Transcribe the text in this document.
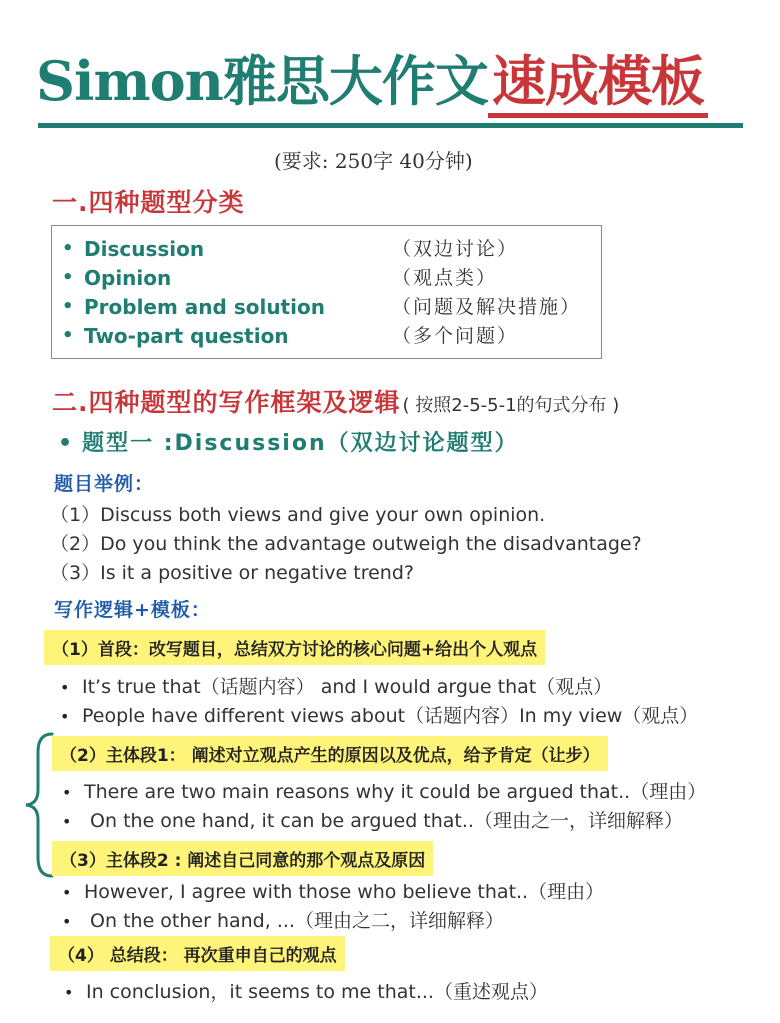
Simon雅思大作文速成模板
(要求: 250字 40分钟)
一.四种题型分类
• Discussion	（双边讨论）
• Opinion	（观点类）
• Problem and solution	（问题及解决措施）
• Two-part question	（多个问题）
二.四种题型的写作框架及逻辑 ( 按照2-5-5-1的句式分布 )
• 题型一 :Discussion（双边讨论题型）
题目举例：
（1）Discuss both views and give your own opinion.
（2）Do you think the advantage outweigh the disadvantage?
（3）Is it a positive or negative trend?
写作逻辑+模板：
（1）首段：改写题目，总结双方讨论的核心问题+给出个人观点
• It’s true that（话题内容） and I would argue that（观点）
• People have different views about（话题内容）In my view（观点）
（2）主体段1： 阐述对立观点产生的原因以及优点，给予肯定（让步）
• There are two main reasons why it could be argued that..（理由）
• On the one hand, it can be argued that..（理由之一，详细解释）
（3）主体段2 : 阐述自己同意的那个观点及原因
• However, I agree with those who believe that..（理由）
• On the other hand, ...（理由之二，详细解释）
（4） 总结段： 再次重申自己的观点
• In conclusion，it seems to me that...（重述观点）
